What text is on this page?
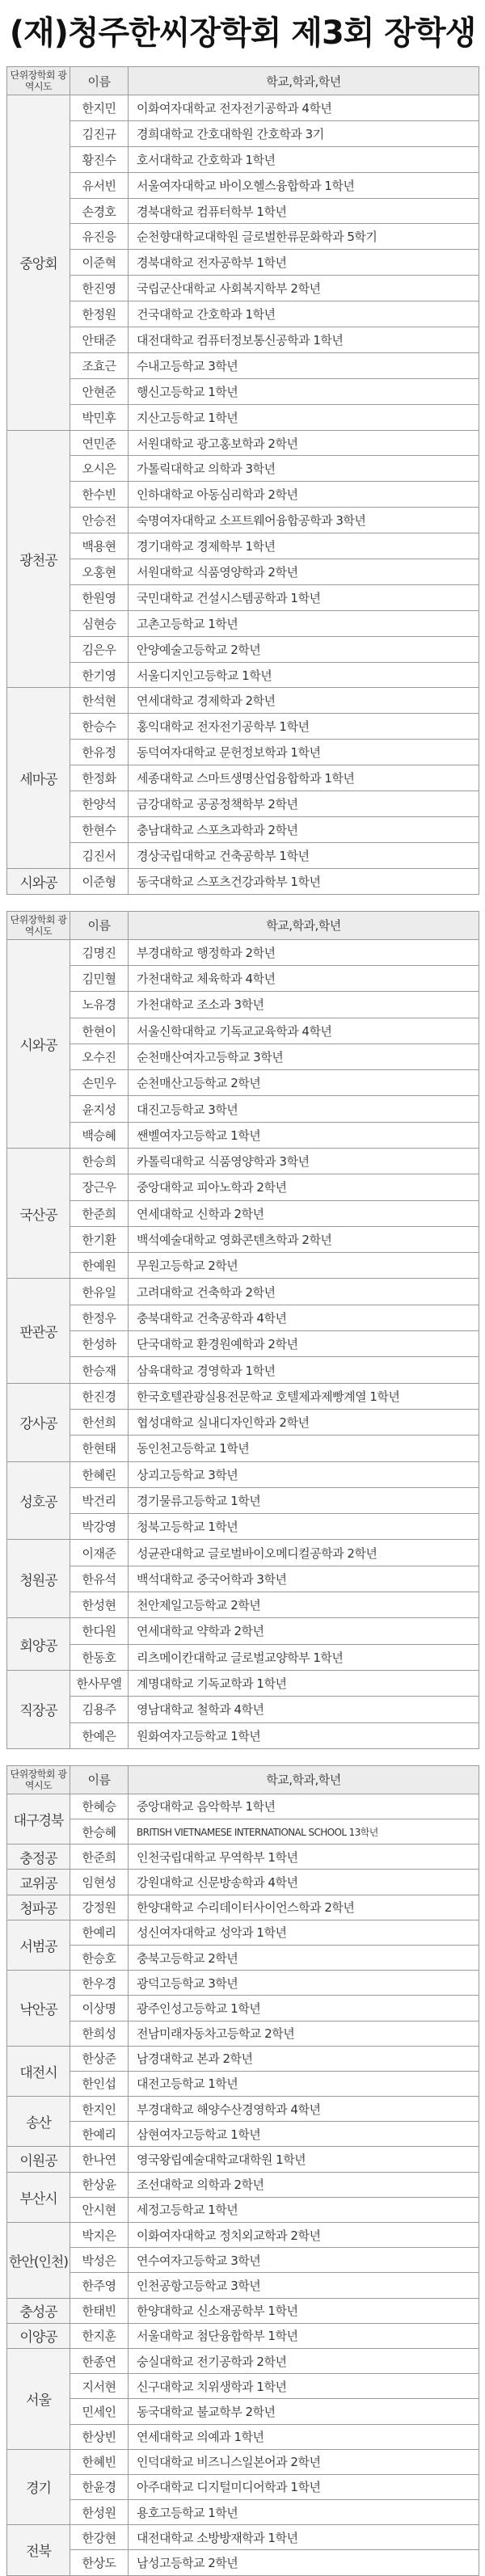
(재)청주한씨장학회 제3회 장학생
단위장학회 광역시도	이름	학교,학과,학년
중앙회	한지민	이화여자대학교 전자전기공학과 4학년
	김진규	경희대학교 간호대학원 간호학과 3기
	황진수	호서대학교 간호학과 1학년
	유서빈	서울여자대학교 바이오헬스융합학과 1학년
	손경호	경북대학교 컴퓨터학부 1학년
	유진응	순천향대학교대학원 글로벌한류문화학과 5학기
	이준혁	경북대학교 전자공학부 1학년
	한진영	국립군산대학교 사회복지학부 2학년
	한정원	건국대학교 간호학과 1학년
	안태준	대전대학교 컴퓨터정보통신공학과 1학년
	조효근	수내고등학교 3학년
	안현준	행신고등학교 1학년
	박민후	지산고등학교 1학년
광천공	연민준	서원대학교 광고홍보학과 2학년
	오시은	가톨릭대학교 의학과 3학년
	한수빈	인하대학교 아동심리학과 2학년
	안승전	숙명여자대학교 소프트웨어융합공학과 3학년
	백용현	경기대학교 경제학부 1학년
	오홍현	서원대학교 식품영양학과 2학년
	한원영	국민대학교 건설시스템공학과 1학년
	심현승	고촌고등학교 1학년
	김은우	안양예술고등학교 2학년
	한기영	서울디지인고등학교 1학년
세마공	한석현	연세대학교 경제학과 2학년
	한승수	홍익대학교 전자전기공학부 1학년
	한유정	동덕여자대학교 문헌정보학과 1학년
	한정화	세종대학교 스마트생명산업융합학과 1학년
	한양석	금강대학교 공공정책학부 2학년
	한현수	충남대학교 스포츠과학과 2학년
	김진서	경상국립대학교 건축공학부 1학년
시와공	이준형	동국대학교 스포츠건강과학부 1학년
단위장학회 광역시도	이름	학교,학과,학년
시와공	김명진	부경대학교 행정학과 2학년
	김민혈	가천대학교 체육학과 4학년
	노유경	가천대학교 조소과 3학년
	한현이	서울신학대학교 기독교교육학과 4학년
	오수진	순천매산여자고등학교 3학년
	손민우	순천매산고등학교 2학년
	윤지성	대진고등학교 3학년
	백승혜	쌘벨여자고등학교 1학년
국산공	한승희	카톨릭대학교 식품영양학과 3학년
	장근우	중앙대학교 피아노학과 2학년
	한준희	연세대학교 신학과 2학년
	한기환	백석예술대학교 영화콘텐츠학과 2학년
	한예원	무원고등학교 2학년
판관공	한유일	고려대학교 건축학과 2학년
	한정우	충북대학교 건축공학과 4학년
	한성하	단국대학교 환경원예학과 2학년
	한승재	삼육대학교 경영학과 1학년
강사공	한진경	한국호텔관광실용전문학교 호텔제과제빵계열 1학년
	한선희	협성대학교 실내디자인학과 2학년
	한현태	동인천고등학교 1학년
성호공	한혜린	상괴고등학교 3학년
	박건리	경기물류고등학교 1학년
	박강영	청북고등학교 1학년
청원공	이재준	성균관대학교 글로벌바이오메디컬공학과 2학년
	한유석	백석대학교 중국어학과 3학년
	한성현	천안제일고등학교 2학년
회양공	한다원	연세대학교 약학과 2학년
	한동호	리츠메이칸대학교 글로벌교양학부 1학년
직장공	한사무엘	계명대학교 기독교학과 1학년
	김용주	영남대학교 철학과 4학년
	한예은	원화여자고등학교 1학년
단위장학회 광역시도	이름	학교,학과,학년
대구경북	한혜승	중앙대학교 음악학부 1학년
	한승혜	BRITISH VIETNAMESE INTERNATIONAL SCHOOL 13학년
충정공	한준희	인천국립대학교 무역학부 1학년
교위공	임현성	강원대학교 신문방송학과 4학년
청파공	강정원	한양대학교 수리데이터사이언스학과 2학년
서범공	한예리	성신여자대학교 성악과 1학년
	한승호	충북고등학교 2학년
낙안공	한우경	광덕고등학교 3학년
	이상명	광주인성고등학교 1학년
	한희성	전남미래자동차고등학교 2학년
대전시	한상준	남경대학교 본과 2학년
	한인섭	대전고등학교 1학년
송산	한지인	부경대학교 해양수산경영학과 4학년
	한예리	삼현여자고등학교 1학년
이원공	한나연	영국왕립예술대학교대학원 1학년
부산시	한상윤	조선대학교 의학과 2학년
	안시현	세정고등학교 1학년
한안(인천)	박지은	이화여자대학교 정치외교학과 2학년
	박성은	연수여자고등학교 3학년
	한주영	인천공항고등학교 3학년
충성공	한태빈	한양대학교 신소재공학부 1학년
이양공	한지훈	서울대학교 첨단융합학부 1학년
서울	한종연	숭실대학교 전기공학과 2학년
	지서현	신구대학교 치위생학과 1학년
	민세인	동국대학교 불교학부 2학년
	한상빈	연세대학교 의예과 1학년
경기	한혜빈	인덕대학교 비즈니스일본어과 2학년
	한윤경	아주대학교 디지털미디어학과 1학년
	한성원	용호고등학교 1학년
전북	한강현	대전대학교 소방방재학과 1학년
	한상도	남성고등학교 2학년
